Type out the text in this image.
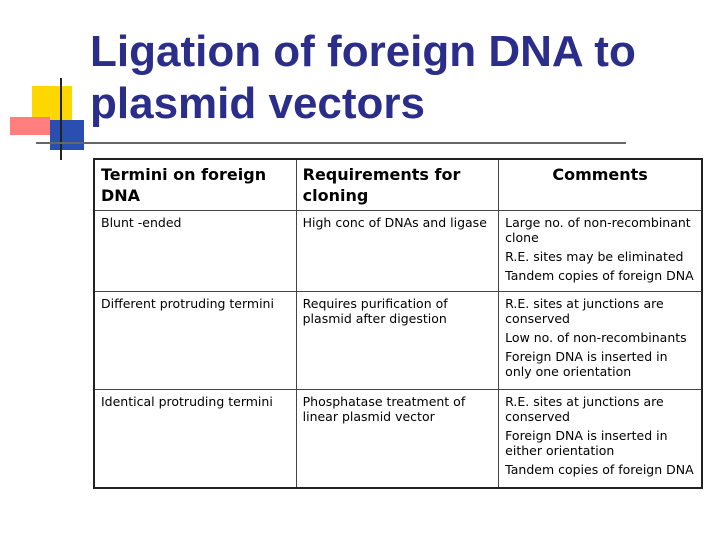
Ligation of foreign DNA to plasmid vectors
Termini on foreign DNA	Requirements for cloning	Comments
Blunt -ended	High conc of DNAs and ligase	Large no. of non-recombinant clone
R.E. sites may be eliminated
Tandem copies of foreign DNA

Different protruding termini	Requires purification of plasmid after digestion	R.E. sites at junctions are conserved
Low no. of non-recombinants
Foreign DNA is inserted in only one orientation

Identical protruding termini	Phosphatase treatment of linear plasmid vector	R.E. sites at junctions are conserved
Foreign DNA is inserted in either orientation
Tandem copies of foreign DNA
